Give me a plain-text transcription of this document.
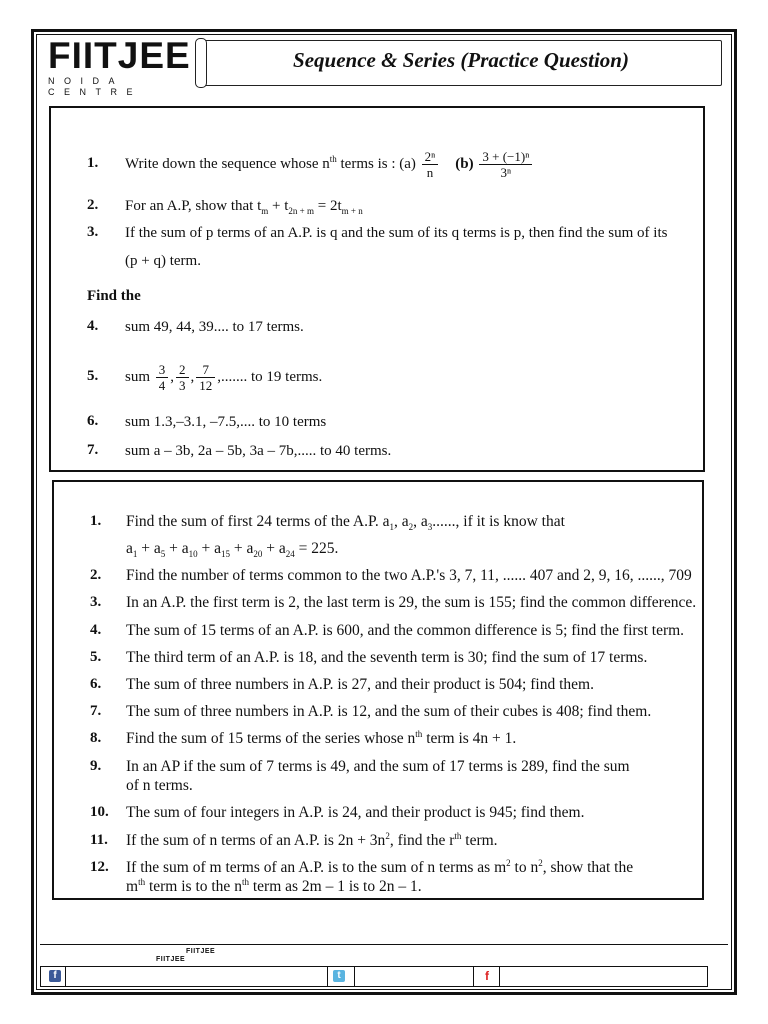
FIITJEE
NOIDA CENTRE
Sequence & Series (Practice Question)
1. Write down the sequence whose $n^{th}$ terms is : $(a) \frac{\text{2ⁿ}}{n} (b) \frac{\text{3 + (−1)ⁿ}}{\text{3ⁿ}}$
2. For an A.P, show that $t_m + t_{2n + m} = 2t_{m + n}$
3. If the sum of p terms of an A.P. is q and the sum of its q terms is p, then find the sum of its
(p + q) term.
Find the
4. sum 49, 44, 39.... to 17 terms.
5. sum $\frac{3}{4}$ , $\frac{2}{3}$ , $\frac{7}{12}$ ,....... to 19 terms.
6. sum 1.3,–3.1, –7.5,.... to 10 terms
7. sum a – 3b, 2a – 5b, 3a – 7b,..... to 40 terms.
1. Find the sum of first 24 terms of the A.P. $a_1$, $a_2$, $a_3$......, if it is know that
$a_1 + a_5 + a_{10} + a_{15} + a_{20} + a_{24} = 225$.
2. Find the number of terms common to the two A.P.'s 3, 7, 11, ...... 407 and 2, 9, 16, ......, 709
3. In an A.P. the first term is 2, the last term is 29, the sum is 155; find the common difference.
4. The sum of 15 terms of an A.P. is 600, and the common difference is 5; find the first term.
5. The third term of an A.P. is 18, and the seventh term is 30; find the sum of 17 terms.
6. The sum of three numbers in A.P. is 27, and their product is 504; find them.
7. The sum of three numbers in A.P. is 12, and the sum of their cubes is 408; find them.
8. Find the sum of 15 terms of the series whose $n^{th}$ term is 4n + 1.
9. In an AP if the sum of 7 terms is 49, and the sum of 17 terms is 289, find the sum
of n terms.
10. The sum of four integers in A.P. is 24, and their product is 945; find them.
11. If the sum of n terms of an A.P. is $2n + 3n^2$, find the $r^{th}$ term.
12. If the sum of m terms of an A.P. is to the sum of n terms as $m^2$ to $n^2$, show that the
$m^{th}$ term is to the $n^{th}$ term as 2m – 1 is to 2n – 1.
FIITJEE
FIITJEE
f	t	f
